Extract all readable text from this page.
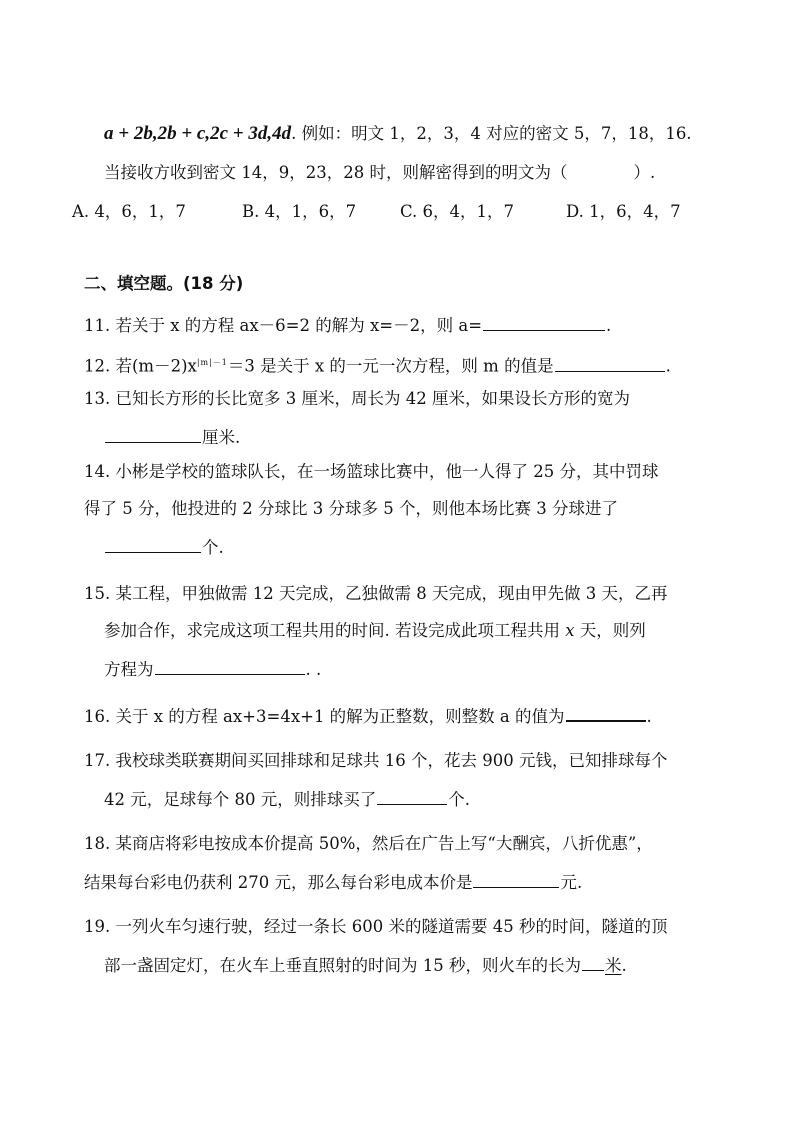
a + 2b,2b + c,2c + 3d,4d. 例如：明文 1，2，3，4 对应的密文 5，7，18，16.
当接收方收到密文 14，9，23，28 时，则解密得到的明文为（　　　　）.
A. 4，6，1，7	B. 4，1，6，7	C. 6，4，1，7	D. 1，6，4，7
二、填空题。(18 分)
11. 若关于 x 的方程 ax－6=2 的解为 x=－2，则 a=	.
12. 若$(m-2)x^{|m|-1}=3$ 是关于 x 的一元一次方程，则 m 的值是	.
13. 已知长方形的长比宽多 3 厘米，周长为 42 厘米，如果设长方形的宽为
厘米.
14. 小彬是学校的篮球队长，在一场篮球比赛中，他一人得了 25 分，其中罚球
得了 5 分，他投进的 2 分球比 3 分球多 5 个，则他本场比赛 3 分球进了
个.
15. 某工程，甲独做需 12 天完成，乙独做需 8 天完成，现由甲先做 3 天，乙再
参加合作，求完成这项工程共用的时间. 若设完成此项工程共用 x 天，则列
方程为	. .
16. 关于 x 的方程 ax+3=4x+1 的解为正整数，则整数 a 的值为	.
17. 我校球类联赛期间买回排球和足球共 16 个，花去 900 元钱，已知排球每个
42 元，足球每个 80 元，则排球买了	个.
18. 某商店将彩电按成本价提高 50%，然后在广告上写“大酬宾，八折优惠”，
结果每台彩电仍获利 270 元，那么每台彩电成本价是	元.
19. 一列火车匀速行驶，经过一条长 600 米的隧道需要 45 秒的时间，隧道的顶
部一盏固定灯，在火车上垂直照射的时间为 15 秒，则火车的长为 米.
